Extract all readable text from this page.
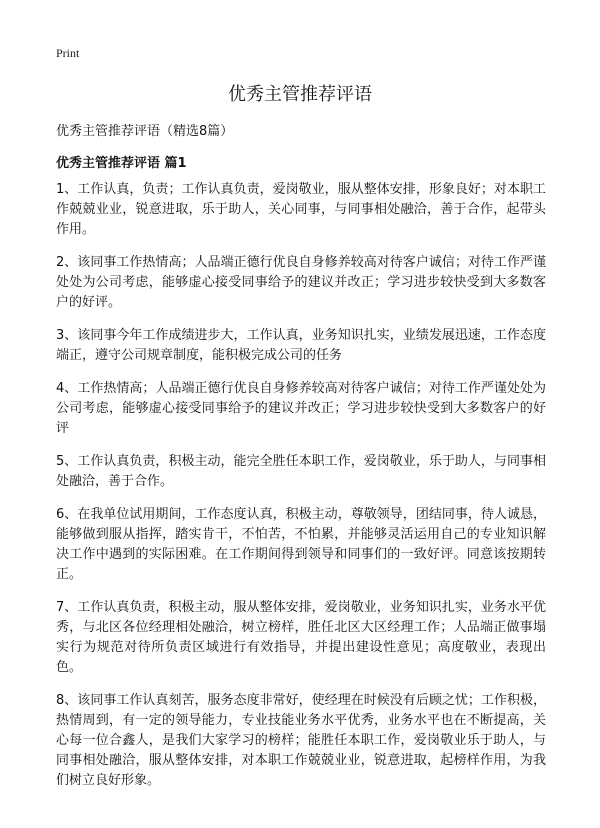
Print
优秀主管推荐评语

优秀主管推荐评语（精选8篇）

优秀主管推荐评语 篇1

1、工作认真，负责；工作认真负责，爱岗敬业，服从整体安排，形象良好；对本职工作兢兢业业，锐意进取，乐于助人，关心同事，与同事相处融洽，善于合作，起带头作用。

2、该同事工作热情高；人品端正德行优良自身修养较高对待客户诚信；对待工作严谨处处为公司考虑，能够虚心接受同事给予的建议并改正；学习进步较快受到大多数客户的好评。

3、该同事今年工作成绩进步大，工作认真，业务知识扎实，业绩发展迅速，工作态度端正，遵守公司规章制度，能积极完成公司的任务

4、工作热情高；人品端正德行优良自身修养较高对待客户诚信；对待工作严谨处处为公司考虑，能够虚心接受同事给予的建议并改正；学习进步较快受到大多数客户的好评

5、工作认真负责，积极主动，能完全胜任本职工作，爱岗敬业，乐于助人，与同事相处融洽，善于合作。

6、在我单位试用期间，工作态度认真，积极主动，尊敬领导，团结同事，待人诚恳，能够做到服从指挥，踏实肯干，不怕苦，不怕累，并能够灵活运用自己的专业知识解决工作中遇到的实际困难。在工作期间得到领导和同事们的一致好评。同意该按期转正。

7、工作认真负责，积极主动，服从整体安排，爱岗敬业，业务知识扎实，业务水平优秀，与北区各位经理相处融洽，树立榜样，胜任北区大区经理工作；人品端正做事塌实行为规范对待所负责区域进行有效指导，并提出建设性意见；高度敬业，表现出色。

8、该同事工作认真刻苦，服务态度非常好，使经理在时候没有后顾之忧；工作积极，热情周到，有一定的领导能力，专业技能业务水平优秀，业务水平也在不断提高，关心每一位合鑫人，是我们大家学习的榜样；能胜任本职工作，爱岗敬业乐于助人，与同事相处融洽，服从整体安排，对本职工作兢兢业业，锐意进取，起榜样作用，为我们树立良好形象。
